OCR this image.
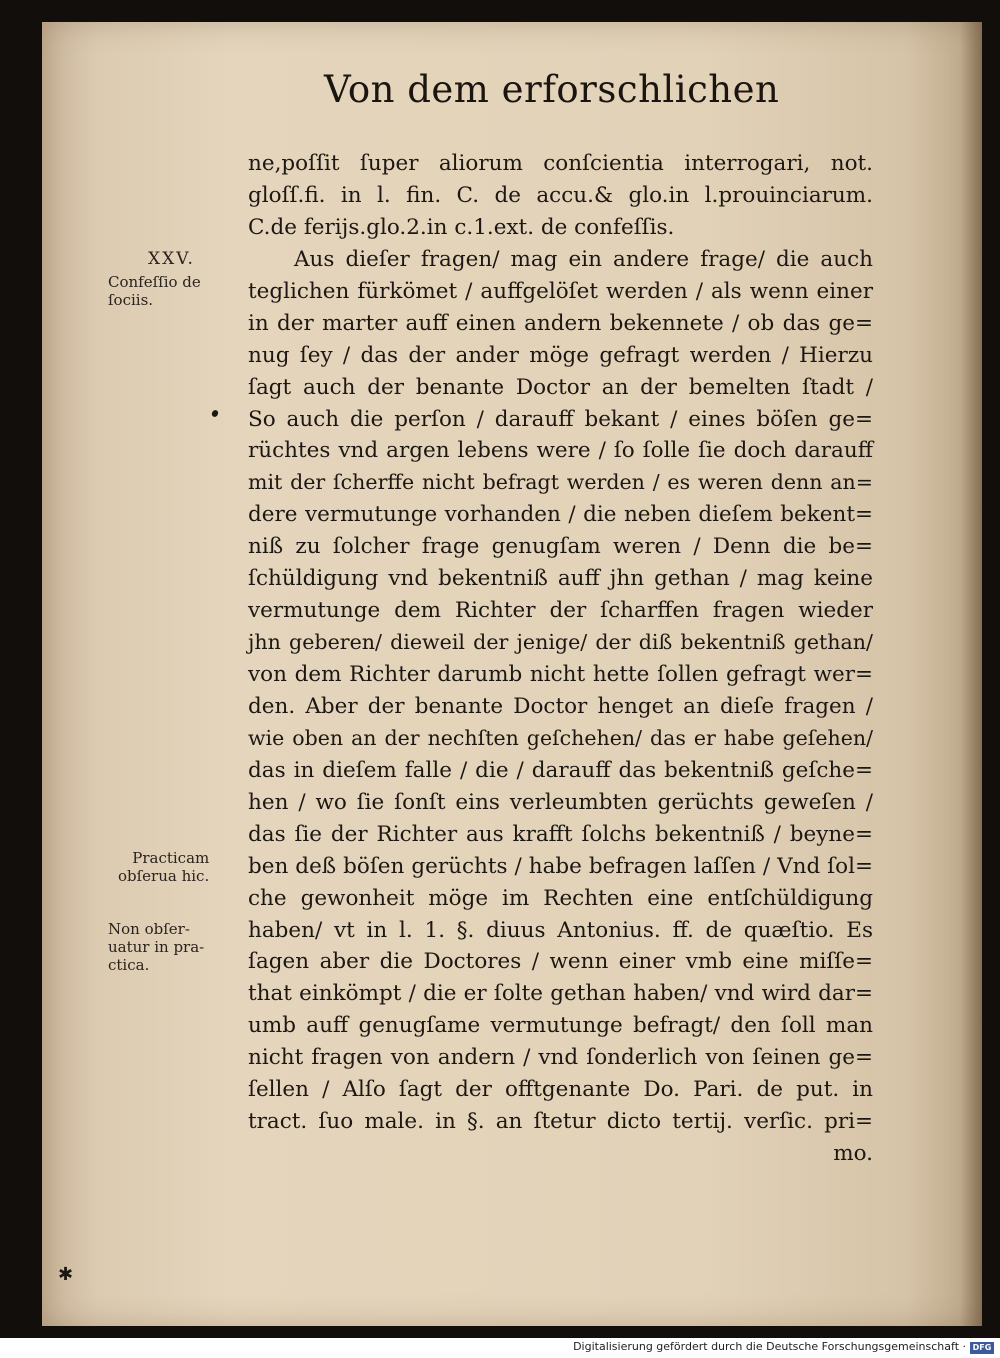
Von dem erforschlichen
XXV.
Confeſſio de
ſociis.
Practicam
obſerua hic.
Non obſer-
uatur in pra-
ctica.
ne,poſſit ſuper aliorum conſcientia interrogari, not.
gloſſ.fi. in l. fin. C. de accu.& glo.in l.prouinciarum.
C.de ferijs.glo.2.in c.1.ext. de confeſſis.
Aus dieſer fragen/ mag ein andere frage/ die auch
teglichen fürkömet / auffgelöſet werden / als wenn einer
in der marter auff einen andern bekennete / ob das ge=
nug ſey / das der ander möge gefragt werden / Hierzu
ſagt auch der benante Doctor an der bemelten ſtadt /
So auch die perſon / darauff bekant / eines böſen ge=
rüchtes vnd argen lebens were / ſo ſolle ſie doch darauff
mit der ſcherffe nicht befragt werden / es weren denn an=
dere vermutunge vorhanden / die neben dieſem bekent=
niß zu ſolcher frage genugſam weren / Denn die be=
ſchüldigung vnd bekentniß auff jhn gethan / mag keine
vermutunge dem Richter der ſcharffen fragen wieder
jhn geberen/ dieweil der jenige/ der diß bekentniß gethan/
von dem Richter darumb nicht hette ſollen gefragt wer=
den. Aber der benante Doctor henget an dieſe fragen /
wie oben an der nechſten geſchehen/ das er habe geſehen/
das in dieſem falle / die / darauff das bekentniß geſche=
hen / wo ſie ſonſt eins verleumbten gerüchts geweſen /
das ſie der Richter aus krafft ſolchs bekentniß / beyne=
ben deß böſen gerüchts / habe befragen laſſen / Vnd ſol=
che gewonheit möge im Rechten eine entſchüldigung
haben/ vt in l. 1. §. diuus Antonius. ff. de quæſtio. Es
ſagen aber die Doctores / wenn einer vmb eine miſſe=
that einkömpt / die er ſolte gethan haben/ vnd wird dar=
umb auff genugſame vermutunge befragt/ den ſoll man
nicht fragen von andern / vnd ſonderlich von ſeinen ge=
ſellen / Alſo ſagt der offtgenante Do. Pari. de put. in
tract. ſuo male. in §. an ſtetur dicto tertij. verſic. pri=
mo.
✱
Digitalisierung gefördert durch die Deutsche Forschungsgemeinschaft · DFG
